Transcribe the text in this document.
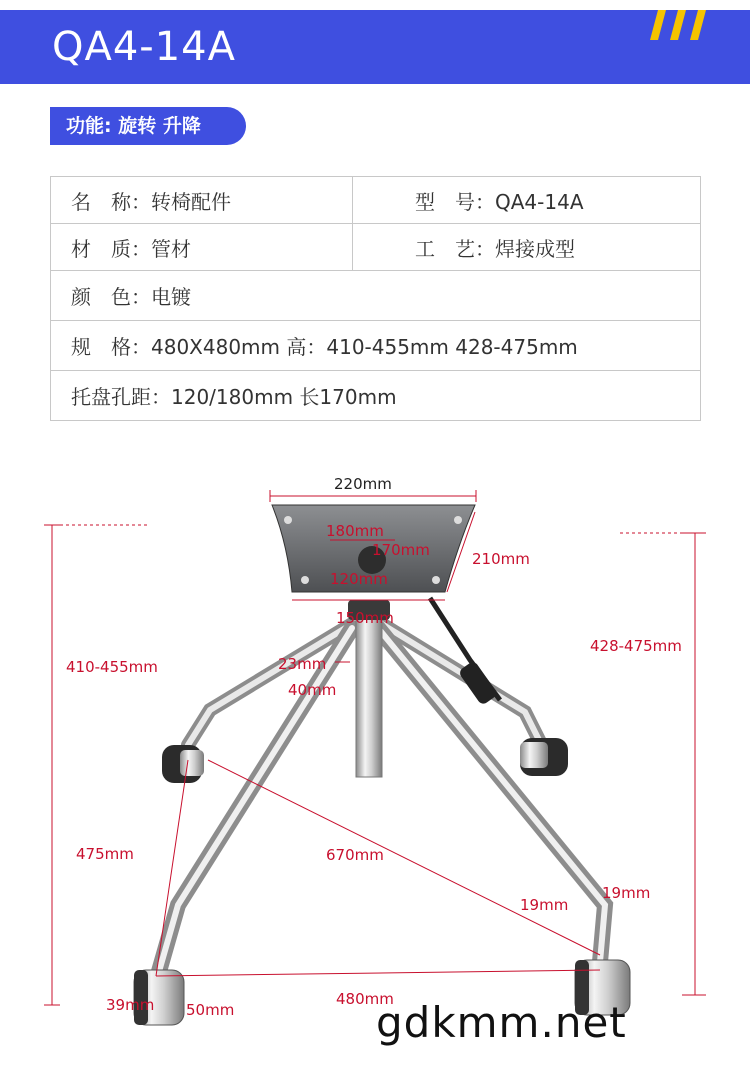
QA4-14A
功能: 旋转 升降
名　称：转椅配件	型　号：QA4-14A
材　质：管材	工　艺：焊接成型
颜　色：电镀	
规　格：480X480mm 高：410-455mm 428-475mm	
托盘孔距：120/180mm 长170mm	
220mm
180mm
170mm
120mm
210mm
150mm
23mm
40mm
410-455mm
428-475mm
475mm	670mm
19mm
19mm
480mm
39mm 50mm	gdkmm.net
